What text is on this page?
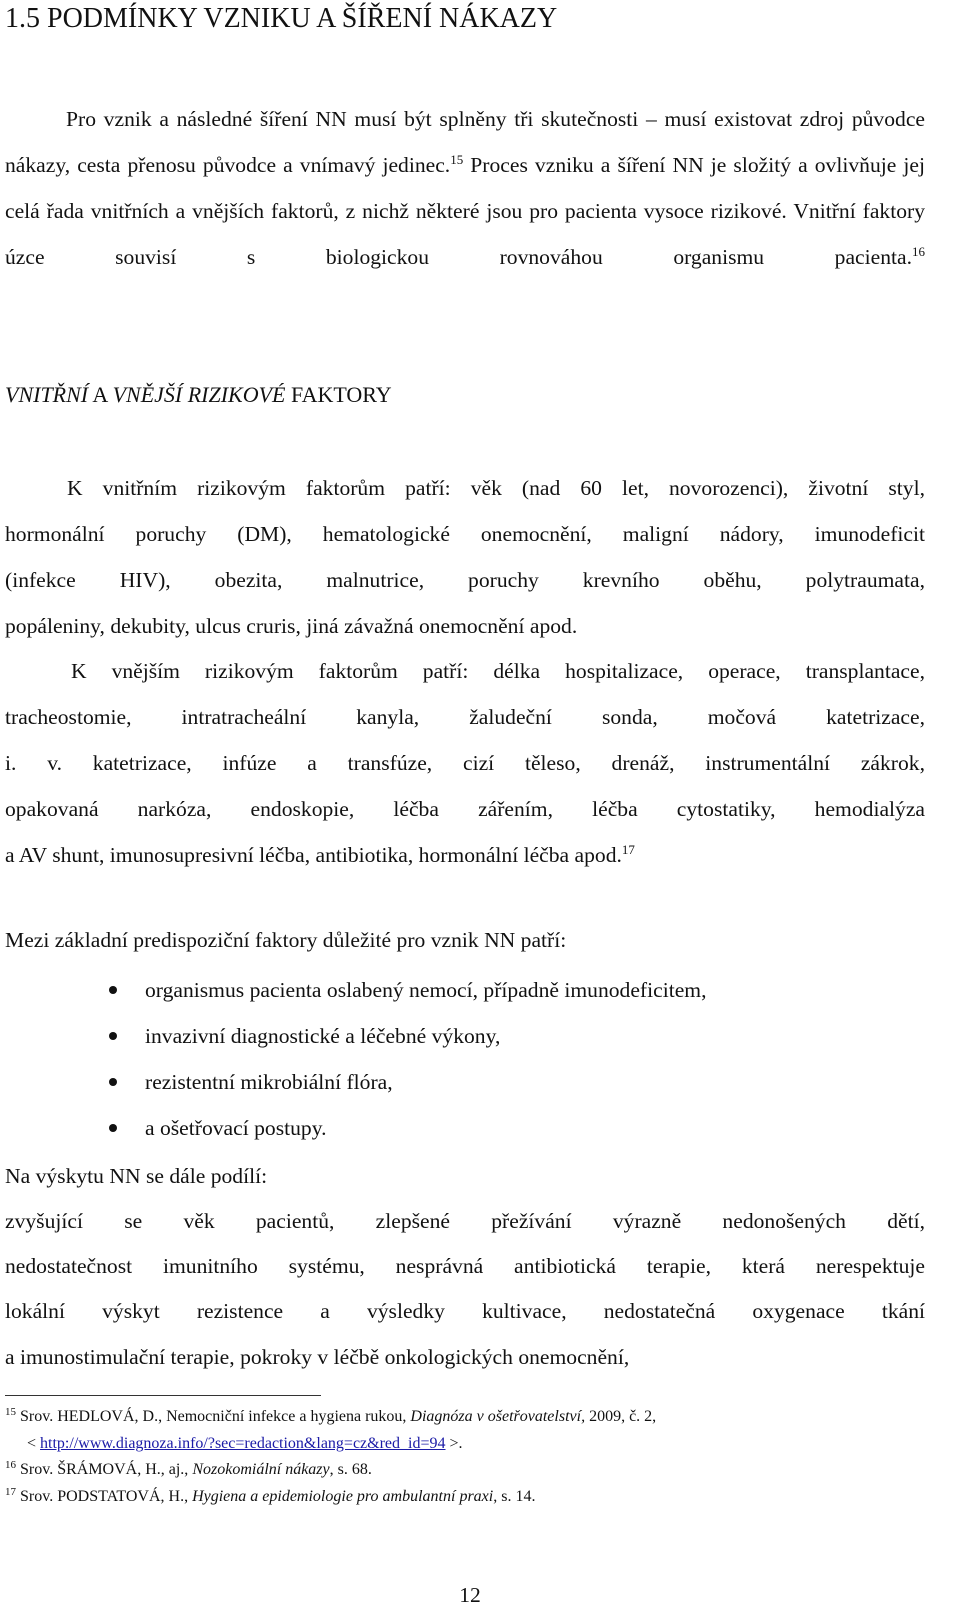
1.5 PODMÍNKY VZNIKU A ŠÍŘENÍ NÁKAZY
Pro vznik a následné šíření NN musí být splněny tři skutečnosti – musí existovat zdroj původce nákazy, cesta přenosu původce a vnímavý jedinec.$^{15}$ Proces vzniku a šíření NN je složitý a ovlivňuje jej celá řada vnitřních a vnějších faktorů, z nichž některé jsou pro pacienta vysoce rizikové. Vnitřní faktory úzce souvisí s biologickou rovnováhou organismu pacienta.$^{16}$
VNITŘNÍ A VNĚJŠÍ RIZIKOVÉ FAKTORY
K vnitřním rizikovým faktorům patří: věk (nad 60 let, novorozenci), životní styl,
hormonální poruchy (DM), hematologické onemocnění, maligní nádory, imunodeficit
(infekce HIV), obezita, malnutrice, poruchy krevního oběhu, polytraumata,
popáleniny, dekubity, ulcus cruris, jiná závažná onemocnění apod.
K vnějším rizikovým faktorům patří: délka hospitalizace, operace, transplantace,
tracheostomie, intratracheální kanyla, žaludeční sonda, močová katetrizace,
i. v. katetrizace, infúze a transfúze, cizí těleso, drenáž, instrumentální zákrok,
opakovaná narkóza, endoskopie, léčba zářením, léčba cytostatiky, hemodialýza
a AV shunt, imunosupresivní léčba, antibiotika, hormonální léčba apod.$^{17}$
Mezi základní predispoziční faktory důležité pro vznik NN patří:
organismus pacienta oslabený nemocí, případně imunodeficitem,
invazivní diagnostické a léčebné výkony,
rezistentní mikrobiální flóra,
a ošetřovací postupy.
Na výskytu NN se dále podílí:
zvyšující se věk pacientů, zlepšené přežívání výrazně nedonošených dětí,
nedostatečnost imunitního systému, nesprávná antibiotická terapie, která nerespektuje
lokální výskyt rezistence a výsledky kultivace, nedostatečná oxygenace tkání
a imunostimulační terapie, pokroky v léčbě onkologických onemocnění,

$^{15}$ Srov. HEDLOVÁ, D., Nemocniční infekce a hygiena rukou, Diagnóza v ošetřovatelství, 2009, č. 2,

< http://www.diagnoza.info/?sec=redaction&lang=cz&red_id=94 >.

$^{16}$ Srov. ŠRÁMOVÁ, H., aj., Nozokomiální nákazy, s. 68.

$^{17}$ Srov. PODSTATOVÁ, H., Hygiena a epidemiologie pro ambulantní praxi, s. 14.

12
